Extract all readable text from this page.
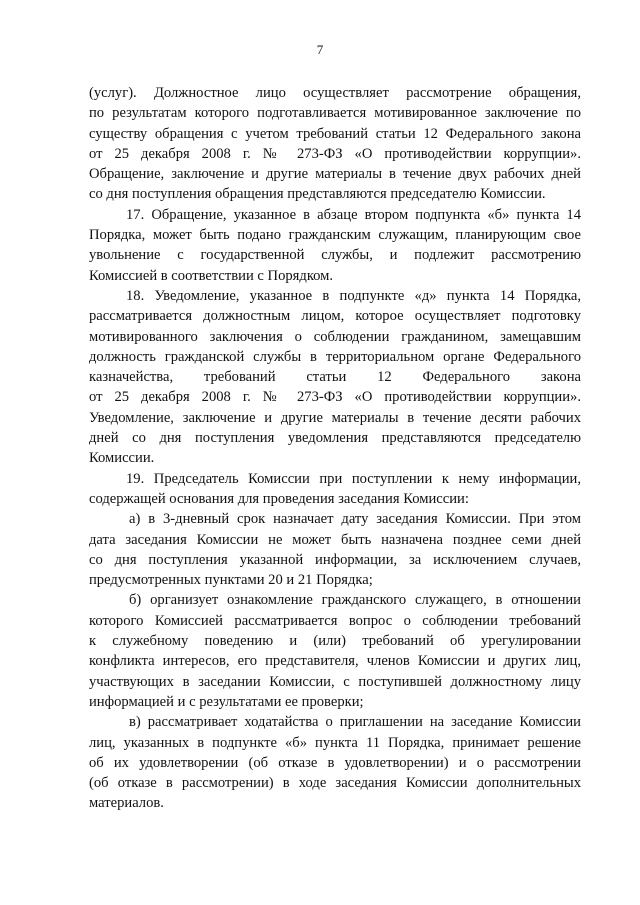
7
(услуг). Должностное лицо осуществляет рассмотрение обращения,
по результатам которого подготавливается мотивированное заключение по
существу обращения с учетом требований статьи 12 Федерального закона
от 25 декабря 2008 г. № 273-ФЗ «О противодействии коррупции».
Обращение, заключение и другие материалы в течение двух рабочих дней
со дня поступления обращения представляются председателю Комиссии.
17. Обращение, указанное в абзаце втором подпункта «б» пункта 14
Порядка, может быть подано гражданским служащим, планирующим свое
увольнение с государственной службы, и подлежит рассмотрению
Комиссией в соответствии с Порядком.
18. Уведомление, указанное в подпункте «д» пункта 14 Порядка,
рассматривается должностным лицом, которое осуществляет подготовку
мотивированного заключения о соблюдении гражданином, замещавшим
должность гражданской службы в территориальном органе Федерального
казначейства, требований статьи 12 Федерального закона
от 25 декабря 2008 г. № 273-ФЗ «О противодействии коррупции».
Уведомление, заключение и другие материалы в течение десяти рабочих
дней со дня поступления уведомления представляются председателю
Комиссии.
19. Председатель Комиссии при поступлении к нему информации,
содержащей основания для проведения заседания Комиссии:
а) в 3-дневный срок назначает дату заседания Комиссии. При этом
дата заседания Комиссии не может быть назначена позднее семи дней
со дня поступления указанной информации, за исключением случаев,
предусмотренных пунктами 20 и 21 Порядка;
б) организует ознакомление гражданского служащего, в отношении
которого Комиссией рассматривается вопрос о соблюдении требований
к служебному поведению и (или) требований об урегулировании
конфликта интересов, его представителя, членов Комиссии и других лиц,
участвующих в заседании Комиссии, с поступившей должностному лицу
информацией и с результатами ее проверки;
в) рассматривает ходатайства о приглашении на заседание Комиссии
лиц, указанных в подпункте «б» пункта 11 Порядка, принимает решение
об их удовлетворении (об отказе в удовлетворении) и о рассмотрении
(об отказе в рассмотрении) в ходе заседания Комиссии дополнительных
материалов.
